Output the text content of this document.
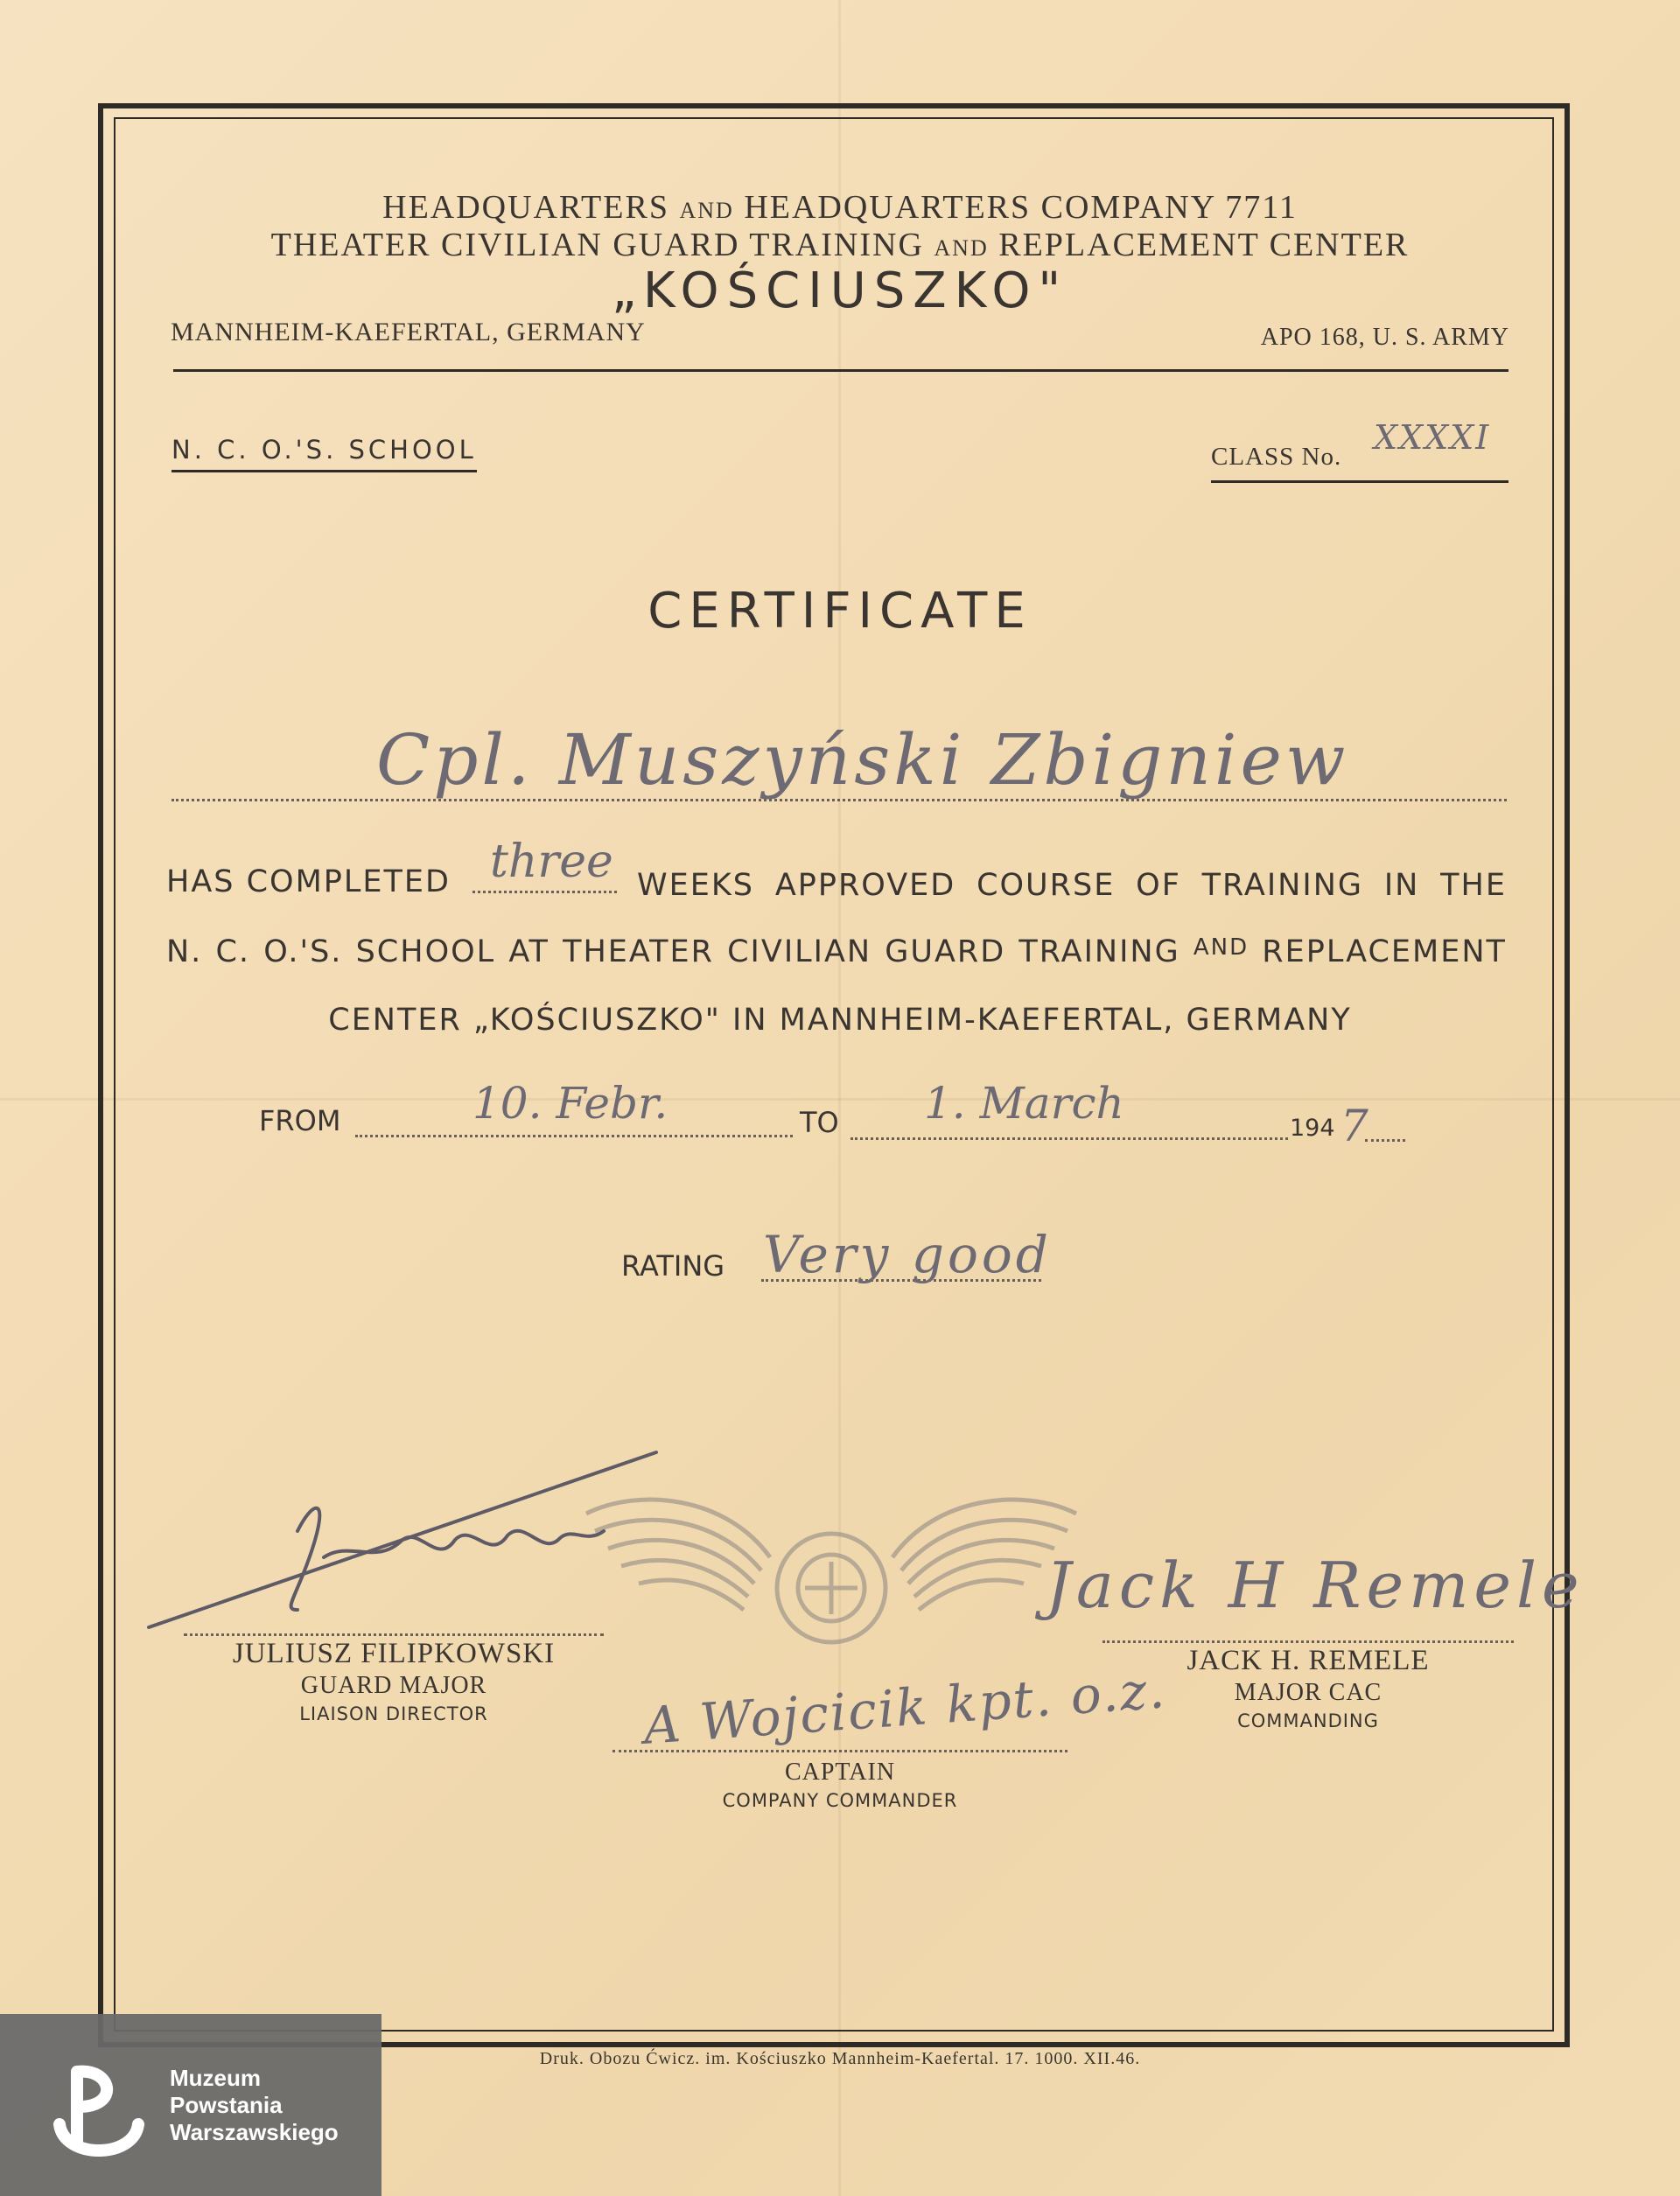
HEADQUARTERS AND HEADQUARTERS COMPANY 7711
THEATER CIVILIAN GUARD TRAINING AND REPLACEMENT CENTER
„KOŚCIUSZKO"
MANNHEIM-KAEFERTAL, GERMANY	APO 168, U. S. ARMY
N. C. O.'S. SCHOOL	CLASS No. XXXXI
CERTIFICATE
Cpl. Muszyński Zbigniew
HAS COMPLETED three WEEKS APPROVED COURSE OF TRAINING IN THE
N. C. O.'S. SCHOOL AT THEATER CIVILIAN GUARD TRAINING AND REPLACEMENT
CENTER „KOŚCIUSZKO" IN MANNHEIM-KAEFERTAL, GERMANY
FROM	10. Febr.	TO 1. March	194 7
RATING Very good
JULIUSZ FILIPKOWSKI
GUARD MAJOR
LIAISON DIRECTOR
Jack H Remele
JACK H. REMELE
MAJOR CAC
COMMANDING
A Wojcicik kpt. o.z.
CAPTAIN
COMPANY COMMANDER
Druk. Obozu Ćwicz. im. Kościuszko Mannheim-Kaefertal. 17. 1000. XII.46.
Muzeum
Powstania
Warszawskiego
